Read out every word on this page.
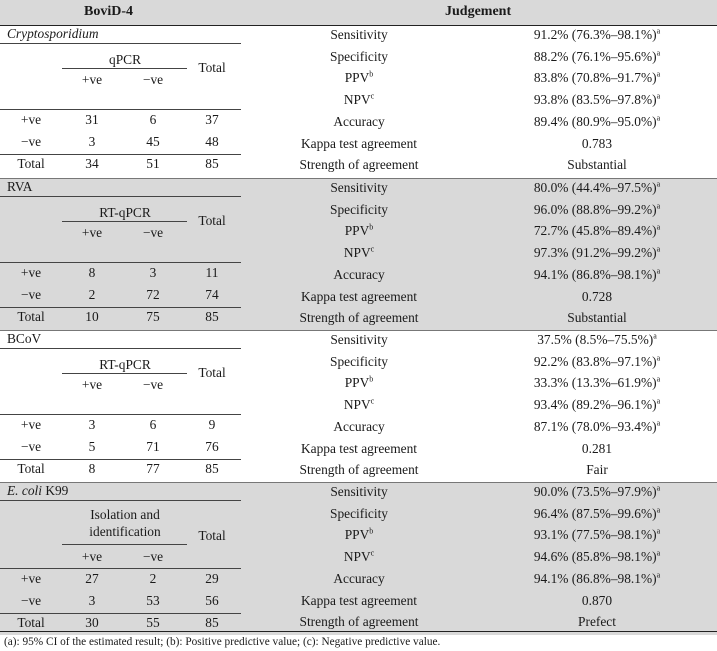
BoviD-4	Judgement
Cryptosporidium
qPCR
Total
+ve	−ve
+ve	31	6	37
−ve	3	45	48
Total	34	51	85
Sensitivity	91.2% $(76.3\%-98.1\%)^a$
Specificity	88.2% $(76.1\%-95.6\%)^a$
PPV$^b$	83.8% $(70.8\%-91.7\%)^a$
NPV$^c$	93.8% $(83.5\%-97.8\%)^a$
Accuracy	89.4% $(80.9\%-95.0\%)^a$
Kappa test agreement	0.783
Strength of agreement	Substantial
RVA
RT-qPCR
Total
+ve	−ve
+ve	8	3	11
−ve	2	72	74
Total	10	75	85
Sensitivity	80.0% $(44.4\%-97.5\%)^a$
Specificity	96.0% $(88.8\%-99.2\%)^a$
PPV$^b$	72.7% $(45.8\%-89.4\%)^a$
NPV$^c$	97.3% $(91.2\%-99.2\%)^a$
Accuracy	94.1% $(86.8\%-98.1\%)^a$
Kappa test agreement	0.728
Strength of agreement	Substantial
BCoV
RT-qPCR
Total
+ve	−ve
+ve	3	6	9
−ve	5	71	76
Total	8	77	85
Sensitivity	37.5% $(8.5\%-75.5\%)^a$
Specificity	92.2% $(83.8\%-97.1\%)^a$
PPV$^b$	33.3% $(13.3\%-61.9\%)^a$
NPV$^c$	93.4% $(89.2\%-96.1\%)^a$
Accuracy	87.1% $(78.0\%-93.4\%)^a$
Kappa test agreement	0.281
Strength of agreement	Fair
E. coli K99
Isolation and
identification	Total
+ve	−ve
+ve	27	2	29
−ve	3	53	56
Total	30	55	85
Sensitivity	90.0% $(73.5\%-97.9\%)^a$
Specificity	96.4% $(87.5\%-99.6\%)^a$
PPV$^b$	93.1% $(77.5\%-98.1\%)^a$
NPV$^c$	94.6% $(85.8\%-98.1\%)^a$
Accuracy	94.1% $(86.8\%-98.1\%)^a$
Kappa test agreement	0.870
Strength of agreement	Prefect
(a): 95% CI of the estimated result; (b): Positive predictive value; (c): Negative predictive value.
